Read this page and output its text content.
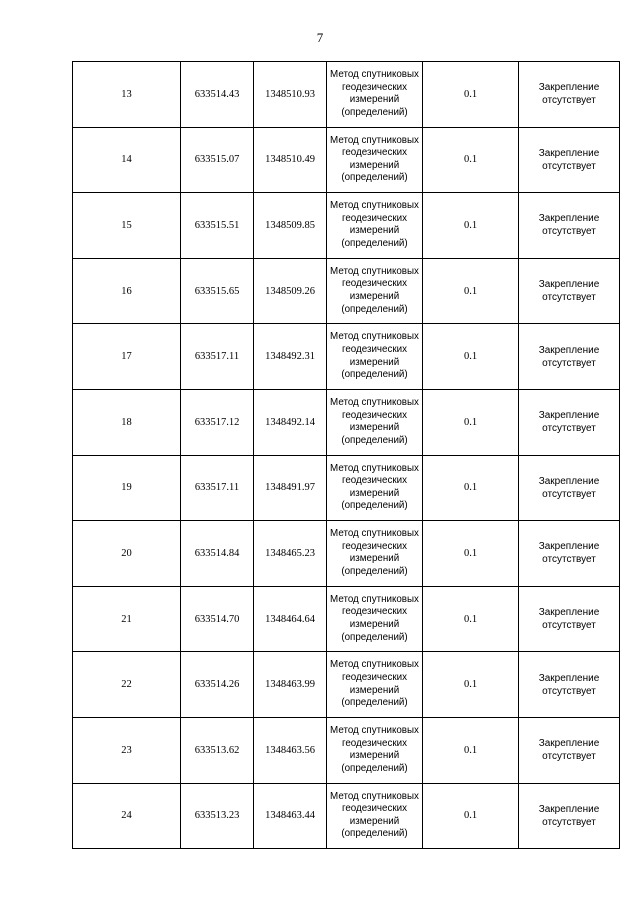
7
13	633514.43	1348510.93	Метод спутниковых геодезических измерений (определений)	0.1	Закрепление отсутствует
14	633515.07	1348510.49	Метод спутниковых геодезических измерений (определений)	0.1	Закрепление отсутствует
15	633515.51	1348509.85	Метод спутниковых геодезических измерений (определений)	0.1	Закрепление отсутствует
16	633515.65	1348509.26	Метод спутниковых геодезических измерений (определений)	0.1	Закрепление отсутствует
17	633517.11	1348492.31	Метод спутниковых геодезических измерений (определений)	0.1	Закрепление отсутствует
18	633517.12	1348492.14	Метод спутниковых геодезических измерений (определений)	0.1	Закрепление отсутствует
19	633517.11	1348491.97	Метод спутниковых геодезических измерений (определений)	0.1	Закрепление отсутствует
20	633514.84	1348465.23	Метод спутниковых геодезических измерений (определений)	0.1	Закрепление отсутствует
21	633514.70	1348464.64	Метод спутниковых геодезических измерений (определений)	0.1	Закрепление отсутствует
22	633514.26	1348463.99	Метод спутниковых геодезических измерений (определений)	0.1	Закрепление отсутствует
23	633513.62	1348463.56	Метод спутниковых геодезических измерений (определений)	0.1	Закрепление отсутствует
24	633513.23	1348463.44	Метод спутниковых геодезических измерений (определений)	0.1	Закрепление отсутствует
